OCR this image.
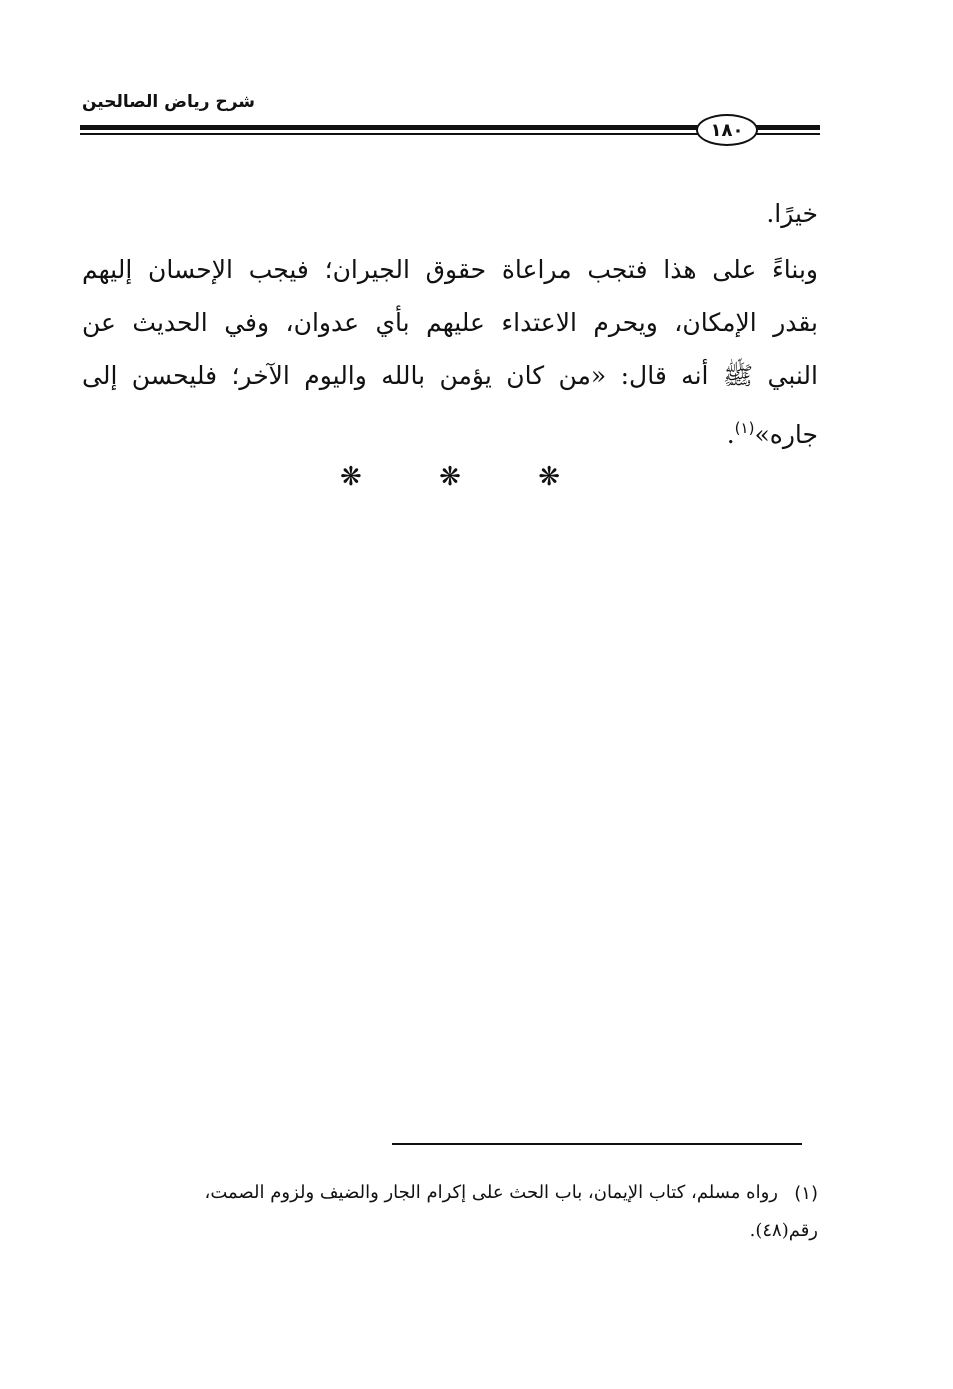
شرح رياض الصالحين
١٨٠
خيرًا.
وبناءً على هذا فتجب مراعاة حقوق الجيران؛ فيجب الإحسان إليهم
بقدر الإمكان، ويحرم الاعتداء عليهم بأي عدوان، وفي الحديث عن
النبي ﷺ أنه قال: «من كان يؤمن بالله واليوم الآخر؛ فليحسن إلى
جاره»$^{(١)}$.
❋	❋	❋
(١)
رواه مسلم، كتاب الإيمان، باب الحث على إكرام الجار والضيف ولزوم الصمت،
رقم(٤٨).
